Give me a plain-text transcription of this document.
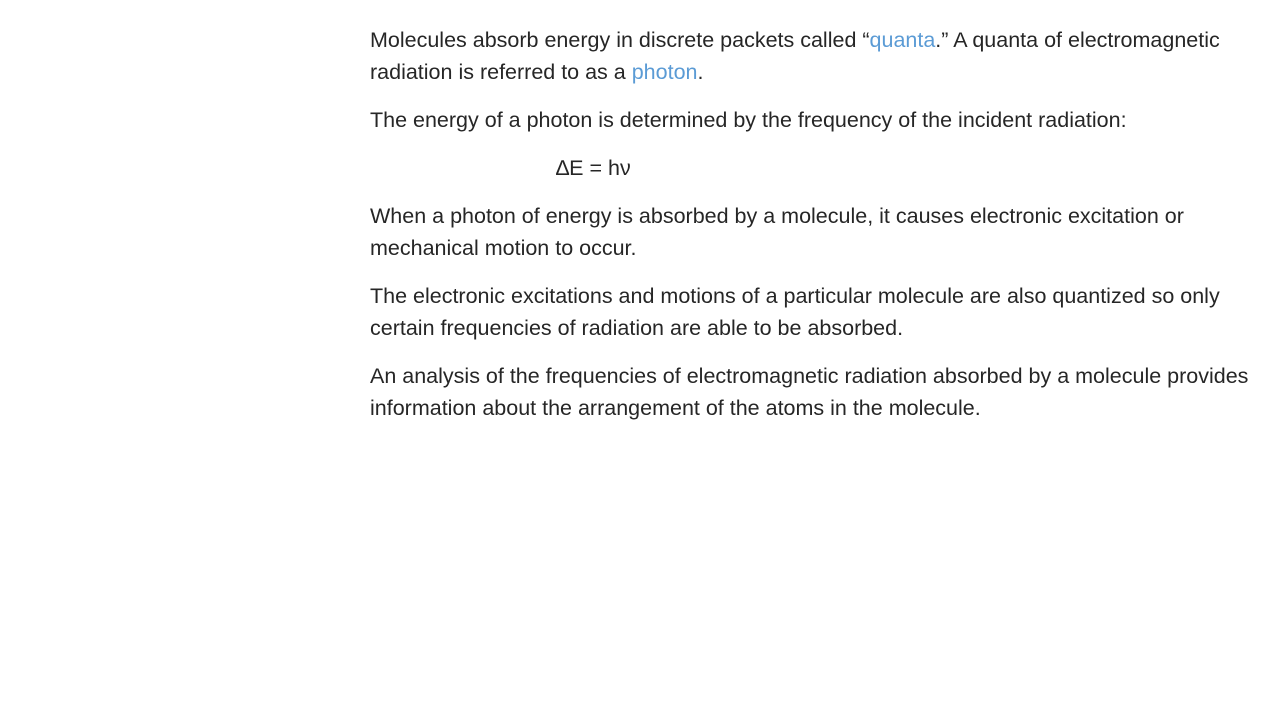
Molecules absorb energy in discrete packets called “quanta.” A quanta of electromagnetic radiation is referred to as a photon.

The energy of a photon is determined by the frequency of the incident radiation:

∆E = hν

When a photon of energy is absorbed by a molecule, it causes electronic excitation or mechanical motion to occur.

The electronic excitations and motions of a particular molecule are also quantized so only certain frequencies of radiation are able to be absorbed.

An analysis of the frequencies of electromagnetic radiation absorbed by a molecule provides information about the arrangement of the atoms in the molecule.
